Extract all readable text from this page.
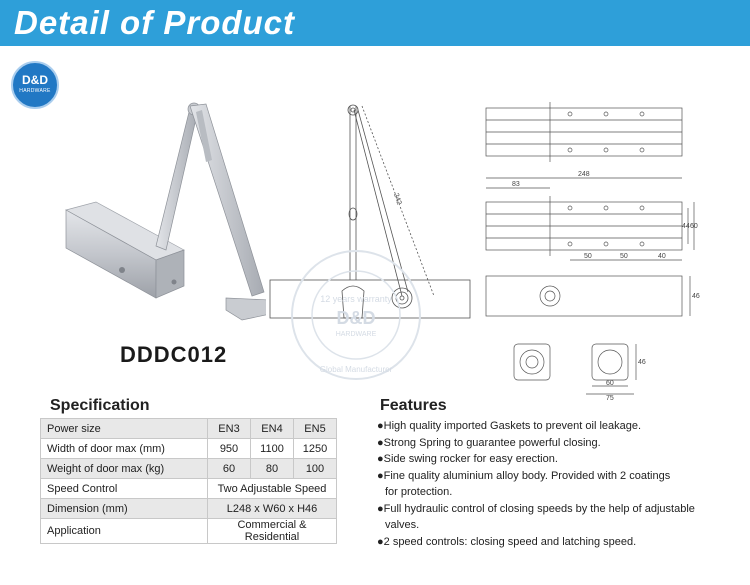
Detail of Product
D&D
HARDWARE
242
248
83
44 60
50	50	40
46
46
60
75
12 years warranty
D&D
HARDWARE
Global Manufacturer
DDDC012
Specification	Features
Power size	EN3	EN4	EN5
Width of door max (mm)	950	1100	1250
Weight of door max (kg)	60	80	100
Speed Control	Two Adjustable Speed		
Dimension (mm)	L248 x W60 x H46		
Application	Commercial & Residential		

●High quality imported Gaskets to prevent oil leakage.

●Strong Spring to guarantee powerful closing.

●Side swing rocker for easy erection.

●Fine quality aluminium alloy body. Provided with 2 coatings

for protection.

●Full hydraulic control of closing speeds by the help of adjustable

valves.

●2 speed controls: closing speed and latching speed.
